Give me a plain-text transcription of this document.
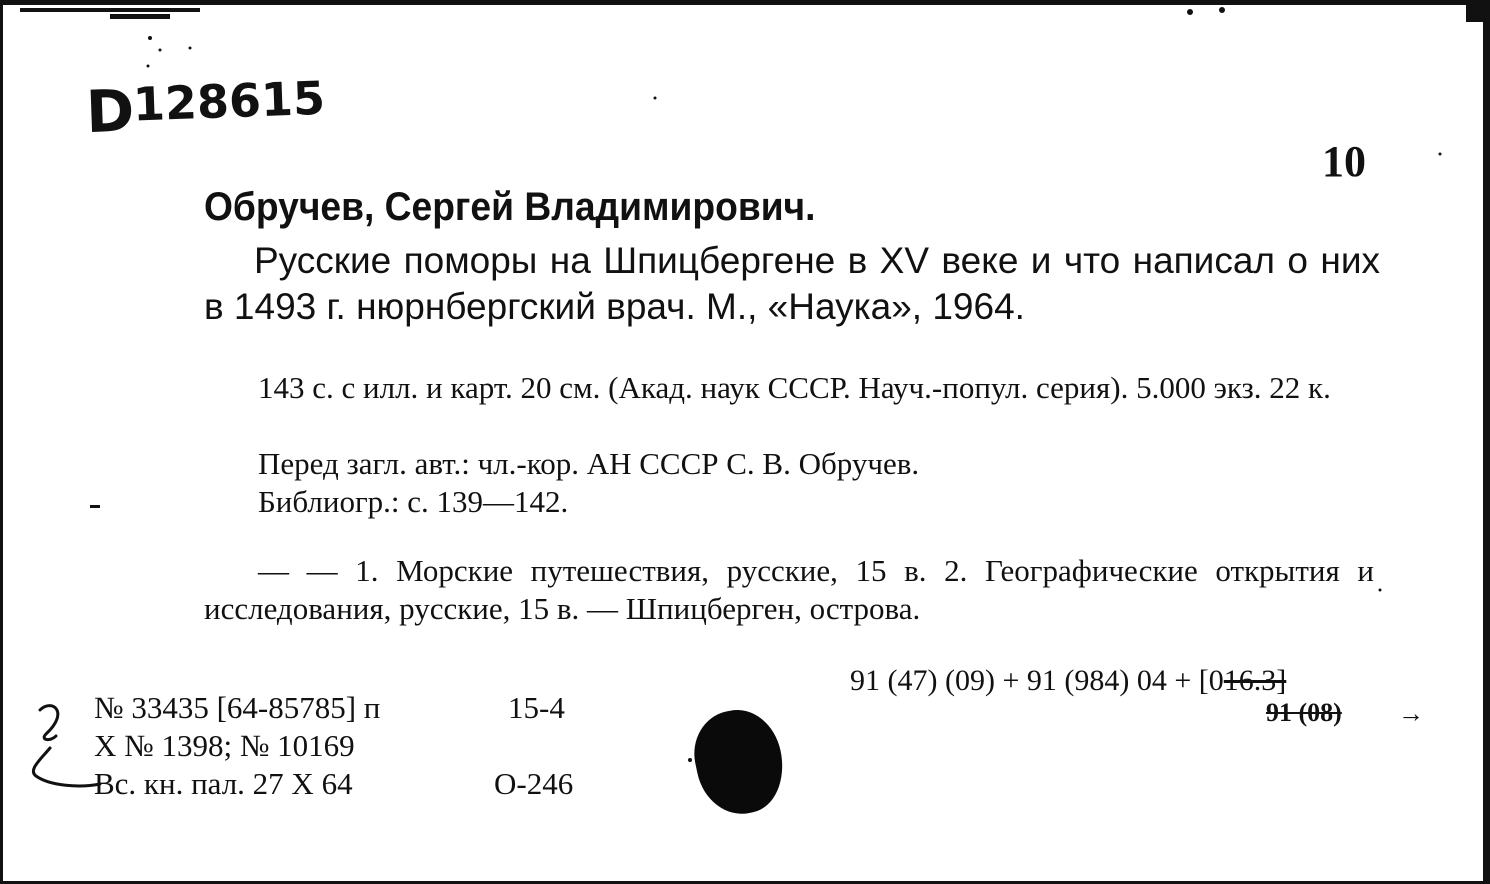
D128615
10
Обручев, Сергей Владимирович.
Русские поморы на Шпицбергене в XV веке и что написал о них в 1493 г. нюрнбергский врач. М., «Наука», 1964.
143 с. с илл. и карт. 20 см. (Акад. наук СССР. Науч.-попул. серия). 5.000 экз. 22 к.
Перед загл. авт.: чл.-кор. АН СССР С. В. Обручев.
Библиогр.: с. 139—142.
— — 1. Морские путешествия, русские, 15 в. 2. Географические открытия и исследования, русские, 15 в. — Шпицберген, острова.
91 (47) (09) + 91 (984) 04 + [016.3]
91 (08) →
№ 33435 [64-85785] п	15-4
X № 1398; № 10169
Вс. кн. пал. 27 X 64	О-246
